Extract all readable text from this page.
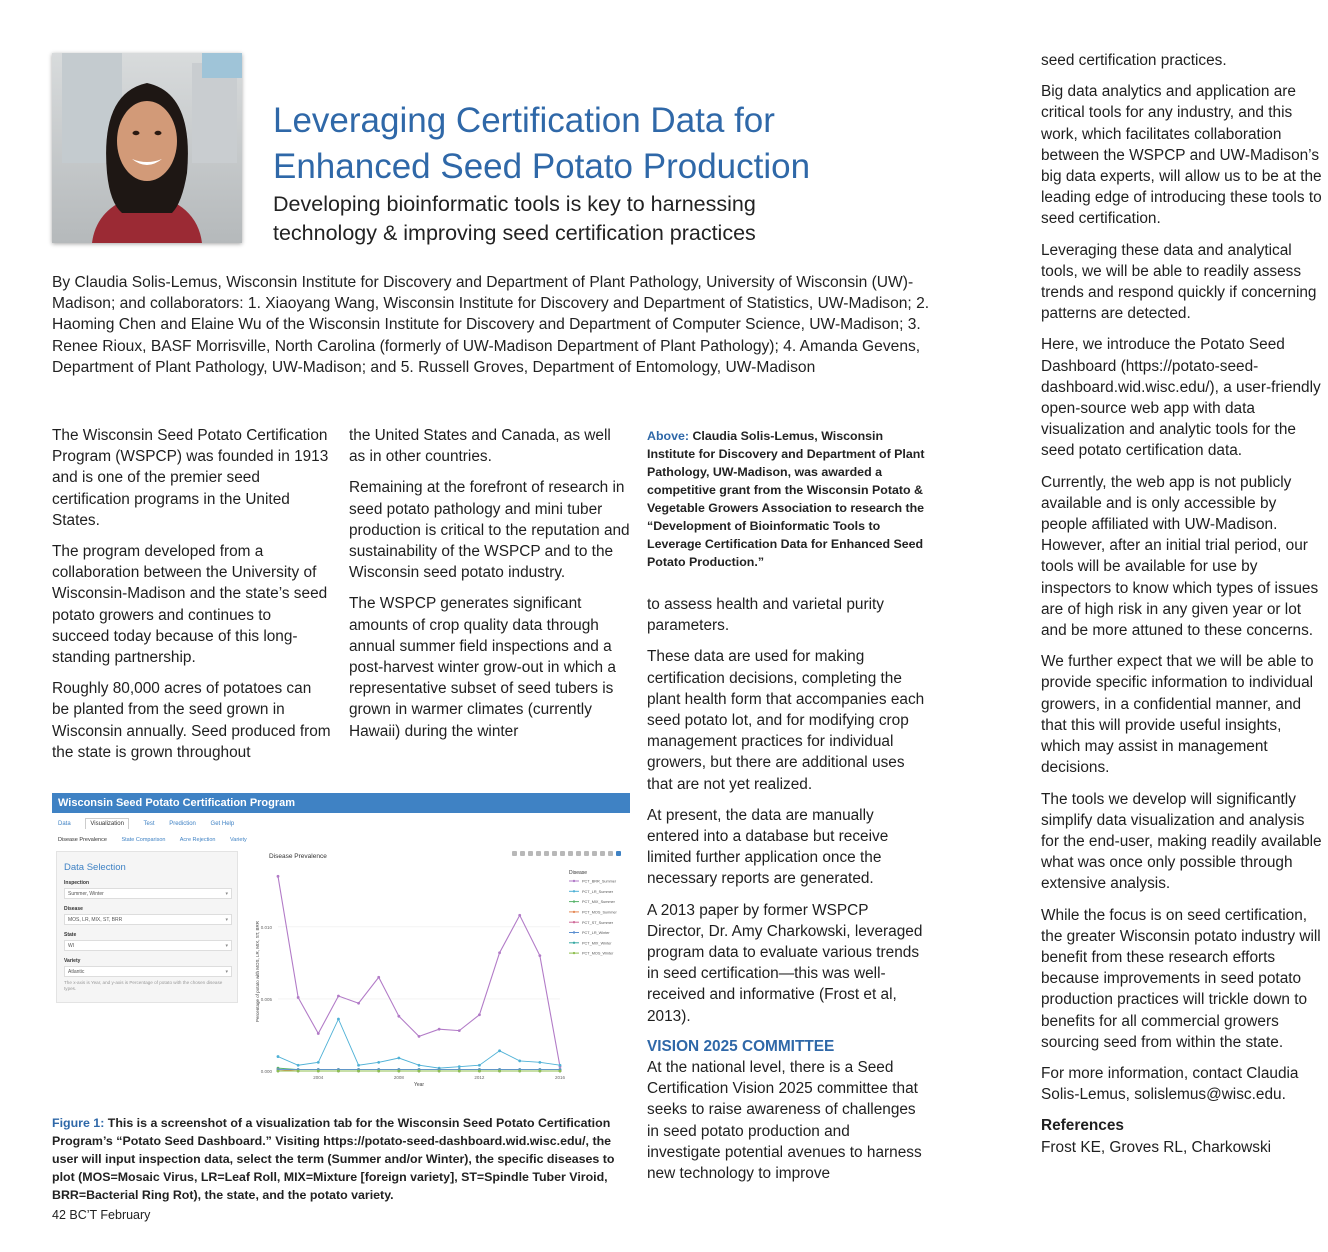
Leveraging Certification Data for
Enhanced Seed Potato Production
Developing bioinformatic tools is key to harnessing
technology & improving seed certification practices

By Claudia Solis-Lemus, Wisconsin Institute for Discovery and Department of Plant Pathology, University of Wisconsin (UW)-Madison; and collaborators: 1. Xiaoyang Wang, Wisconsin Institute for Discovery and Department of Statistics, UW-Madison; 2. Haoming Chen and Elaine Wu of the Wisconsin Institute for Discovery and Department of Computer Science, UW-Madison; 3. Renee Rioux, BASF Morrisville, North Carolina (formerly of UW-Madison Department of Plant Pathology); 4. Amanda Gevens, Department of Plant Pathology, UW-Madison; and 5. Russell Groves, Department of Entomology, UW-Madison

The Wisconsin Seed Potato Certification Program (WSPCP) was founded in 1913 and is one of the premier seed certification programs in the United States.

The program developed from a collaboration between the University of Wisconsin-Madison and the state’s seed potato growers and continues to succeed today because of this long-standing partnership.

Roughly 80,000 acres of potatoes can be planted from the seed grown in Wisconsin annually. Seed produced from the state is grown throughout

the United States and Canada, as well as in other countries.

Remaining at the forefront of research in seed potato pathology and mini tuber production is critical to the reputation and sustainability of the WSPCP and to the Wisconsin seed potato industry.

The WSPCP generates significant amounts of crop quality data through annual summer field inspections and a post-harvest winter grow-out in which a representative subset of seed tubers is grown in warmer climates (currently Hawaii) during the winter

Above: Claudia Solis-Lemus, Wisconsin Institute for Discovery and Department of Plant Pathology, UW-Madison, was awarded a competitive grant from the Wisconsin Potato & Vegetable Growers Association to research the “Development of Bioinformatic Tools to Leverage Certification Data for Enhanced Seed Potato Production.”

to assess health and varietal purity parameters.

These data are used for making certification decisions, completing the plant health form that accompanies each seed potato lot, and for modifying crop management practices for individual growers, but there are additional uses that are not yet realized.

At present, the data are manually entered into a database but receive limited further application once the necessary reports are generated.

A 2013 paper by former WSPCP Director, Dr. Amy Charkowski, leveraged program data to evaluate various trends in seed certification—this was well-received and informative (Frost et al, 2013).

VISION 2025 COMMITTEE

At the national level, there is a Seed Certification Vision 2025 committee that seeks to raise awareness of challenges in seed potato production and investigate potential avenues to harness new technology to improve

seed certification practices.

Big data analytics and application are critical tools for any industry, and this work, which facilitates collaboration between the WSPCP and UW-Madison’s big data experts, will allow us to be at the leading edge of introducing these tools to seed certification.

Leveraging these data and analytical tools, we will be able to readily assess trends and respond quickly if concerning patterns are detected.

Here, we introduce the Potato Seed Dashboard (https://potato-seed-dashboard.wid.wisc.edu/), a user-friendly open-source web app with data visualization and analytic tools for the seed potato certification data.

Currently, the web app is not publicly available and is only accessible by people affiliated with UW-Madison. However, after an initial trial period, our tools will be available for use by inspectors to know which types of issues are of high risk in any given year or lot and be more attuned to these concerns.

We further expect that we will be able to provide specific information to individual growers, in a confidential manner, and that this will provide useful insights, which may assist in management decisions.

The tools we develop will significantly simplify data visualization and analysis for the end-user, making readily available what was once only possible through extensive analysis.

While the focus is on seed certification, the greater Wisconsin potato industry will benefit from these research efforts because improvements in seed potato production practices will trickle down to benefits for all commercial growers sourcing seed from within the state.

For more information, contact Claudia Solis-Lemus, solislemus@wisc.edu.

References

Frost KE, Groves RL, Charkowski

Wisconsin Seed Potato Certification Program
Data	Visualization	Test Prediction Get Help
Disease Prevalence	State Comparison	Acre Rejection	Variety
Data Selection
Inspection
Summer, Winter ▾
Disease
MOS, LR, MIX, ST, BRR ▾
State
WI ▾
Variety
Atlantic ▾
The x-axis is Year, and y-axis is Percentage of potato with the chosen disease types.
Disease Prevalence
0.000
0.005
0.010
2004	2008	2012	2016
Year
Percentage of potato with MOS, LR, MIX, ST, BRR
Disease
PCT_BRR_Summer
PCT_LR_Summer
PCT_MIX_Summer
PCT_MOS_Summer
PCT_ST_Summer
PCT_LR_Winter
PCT_MIX_Winter
PCT_MOS_Winter

Figure 1: This is a screenshot of a visualization tab for the Wisconsin Seed Potato Certification Program’s “Potato Seed Dashboard.” Visiting https://potato-seed-dashboard.wid.wisc.edu/, the user will input inspection data, select the term (Summer and/or Winter), the specific diseases to plot (MOS=Mosaic Virus, LR=Leaf Roll, MIX=Mixture [foreign variety], ST=Spindle Tuber Viroid, BRR=Bacterial Ring Rot), the state, and the potato variety.

42 BC’T February
